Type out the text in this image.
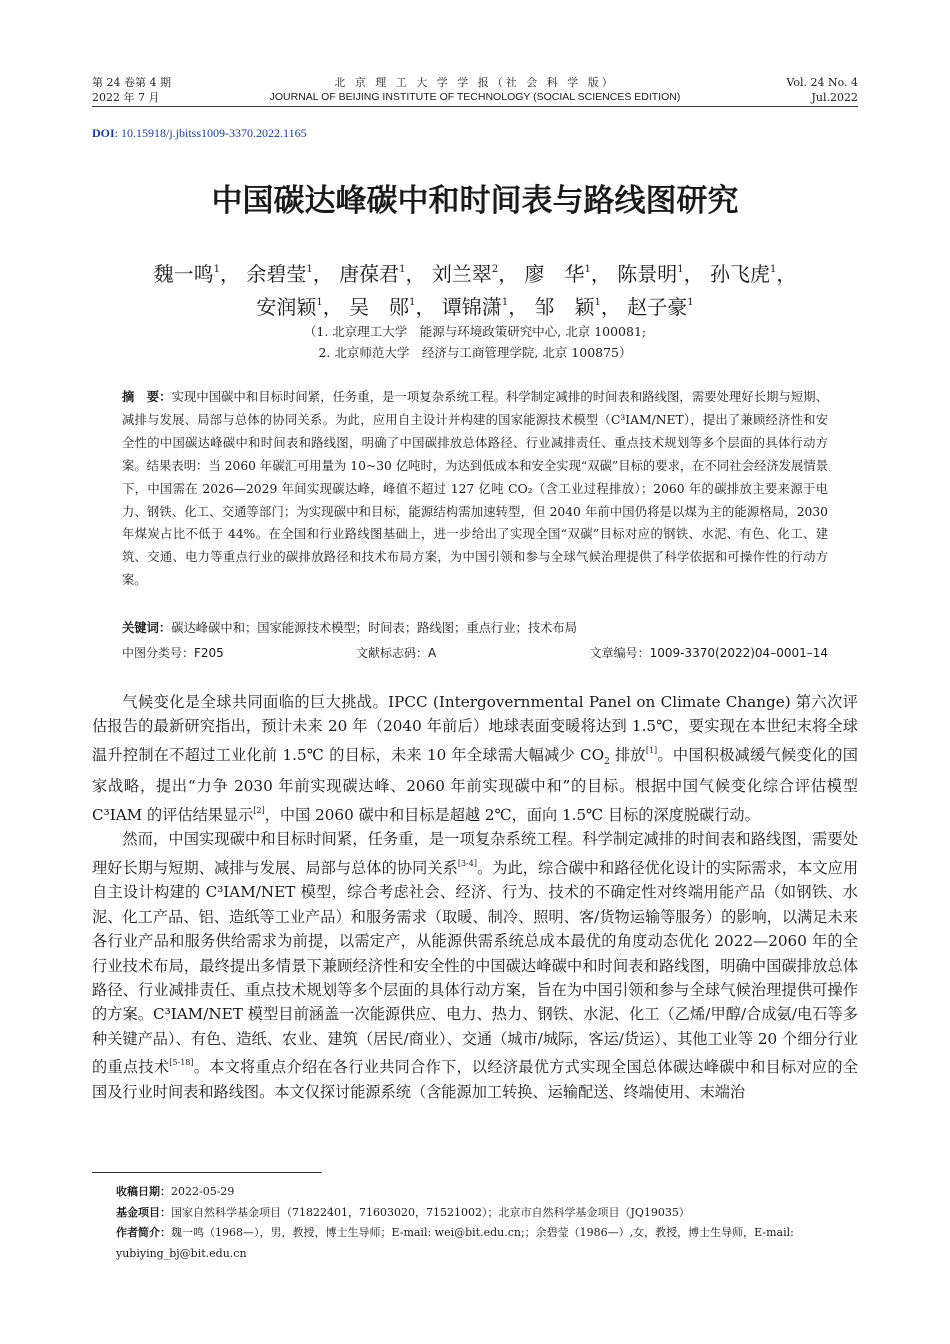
第 24 卷第 4 期
2022 年 7 月
北 京 理 工 大 学 学 报（社 会 科 学 版）
JOURNAL OF BEIJING INSTITUTE OF TECHNOLOGY (SOCIAL SCIENCES EDITION)
Vol. 24 No. 4
Jul.2022
DOI: 10.15918/j.jbitss1009-3370.2022.1165
中国碳达峰碳中和时间表与路线图研究
魏一鸣$^1$， 余碧莹$^1$， 唐葆君$^1$， 刘兰翠$^2$， 廖　华$^1$， 陈景明$^1$， 孙飞虎$^1$，
安润颖$^1$， 吴　郧$^1$， 谭锦潇$^1$， 邹　颖$^1$， 赵子豪$^1$
（1. 北京理工大学　能源与环境政策研究中心, 北京 100081;
2. 北京师范大学　经济与工商管理学院, 北京 100875）
摘　要：实现中国碳中和目标时间紧，任务重，是一项复杂系统工程。科学制定减排的时间表和路线图，需要处理好长期与短期、减排与发展、局部与总体的协同关系。为此，应用自主设计并构建的国家能源技术模型（C³IAM/NET），提出了兼顾经济性和安全性的中国碳达峰碳中和时间表和路线图，明确了中国碳排放总体路径、行业减排责任、重点技术规划等多个层面的具体行动方案。结果表明：当 2060 年碳汇可用量为 10~30 亿吨时，为达到低成本和安全实现“双碳”目标的要求，在不同社会经济发展情景下，中国需在 2026—2029 年间实现碳达峰，峰值不超过 127 亿吨 CO₂（含工业过程排放）；2060 年的碳排放主要来源于电力、钢铁、化工、交通等部门；为实现碳中和目标，能源结构需加速转型，但 2040 年前中国仍将是以煤为主的能源格局，2030 年煤炭占比不低于 44%。在全国和行业路线图基础上，进一步给出了实现全国“双碳”目标对应的钢铁、水泥、有色、化工、建筑、交通、电力等重点行业的碳排放路径和技术布局方案，为中国引领和参与全球气候治理提供了科学依据和可操作性的行动方案。
关键词：碳达峰碳中和；国家能源技术模型；时间表；路线图；重点行业；技术布局
中图分类号：F205	文献标志码：A	文章编号：1009-3370(2022)04–0001–14

气候变化是全球共同面临的巨大挑战。IPCC (Intergovernmental Panel on Climate Change) 第六次评估报告的最新研究指出，预计未来 20 年（2040 年前后）地球表面变暖将达到 1.5℃，要实现在本世纪末将全球温升控制在不超过工业化前 1.5℃ 的目标，未来 10 年全球需大幅减少 $CO_2$ 排放[1]。中国积极减缓气候变化的国家战略，提出“力争 2030 年前实现碳达峰、2060 年前实现碳中和”的目标。根据中国气候变化综合评估模型 C³IAM 的评估结果显示[2]，中国 2060 碳中和目标是超越 2℃，面向 1.5℃ 目标的深度脱碳行动。

然而，中国实现碳中和目标时间紧，任务重，是一项复杂系统工程。科学制定减排的时间表和路线图，需要处理好长期与短期、减排与发展、局部与总体的协同关系[3-4]。为此，综合碳中和路径优化设计的实际需求，本文应用自主设计构建的 C³IAM/NET 模型，综合考虑社会、经济、行为、技术的不确定性对终端用能产品（如钢铁、水泥、化工产品、铝、造纸等工业产品）和服务需求（取暖、制冷、照明、客/货物运输等服务）的影响，以满足未来各行业产品和服务供给需求为前提，以需定产，从能源供需系统总成本最优的角度动态优化 2022—2060 年的全行业技术布局，最终提出多情景下兼顾经济性和安全性的中国碳达峰碳中和时间表和路线图，明确中国碳排放总体路径、行业减排责任、重点技术规划等多个层面的具体行动方案，旨在为中国引领和参与全球气候治理提供可操作的方案。C³IAM/NET 模型目前涵盖一次能源供应、电力、热力、钢铁、水泥、化工（乙烯/甲醇/合成氨/电石等多种关键产品）、有色、造纸、农业、建筑（居民/商业）、交通（城市/城际，客运/货运）、其他工业等 20 个细分行业的重点技术[5-18]。本文将重点介绍在各行业共同合作下，以经济最优方式实现全国总体碳达峰碳中和目标对应的全国及行业时间表和路线图。本文仅探讨能源系统（含能源加工转换、运输配送、终端使用、末端治

收稿日期：2022-05-29

基金项目：国家自然科学基金项目（71822401，71603020，71521002）；北京市自然科学基金项目（JQ19035）

作者简介：魏一鸣（1968—），男，教授，博士生导师；E-mail: wei@bit.edu.cn;；余碧莹（1986—）,女，教授，博士生导师，E-mail: yubiying_bj@bit.edu.cn
